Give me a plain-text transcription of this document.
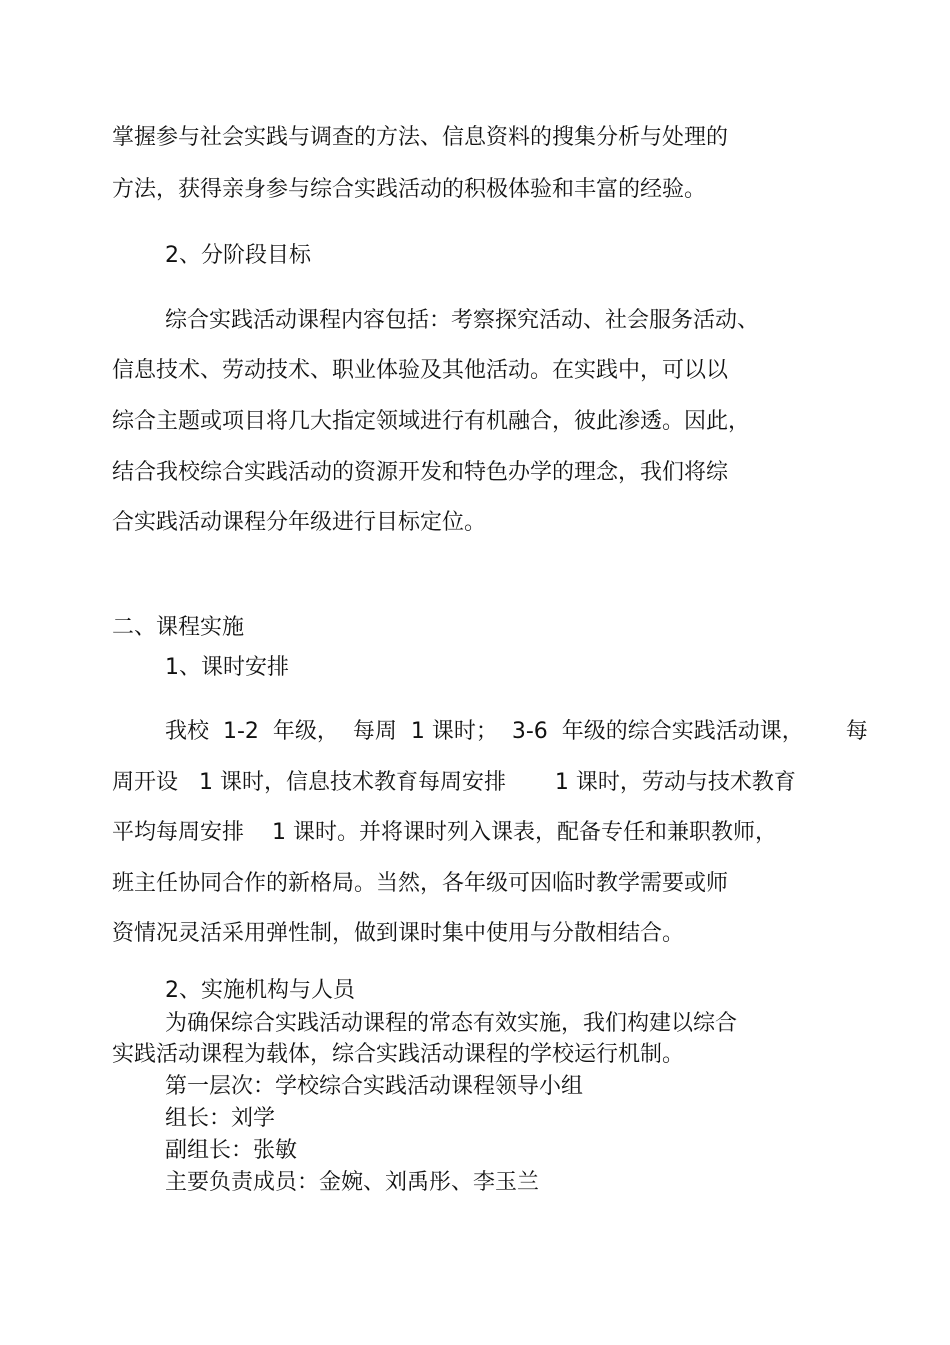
掌握参与社会实践与调查的方法、信息资料的搜集分析与处理的

方法，获得亲身参与综合实践活动的积极体验和丰富的经验。

2、分阶段目标

综合实践活动课程内容包括：考察探究活动、社会服务活动、

信息技术、劳动技术、职业体验及其他活动。在实践中，可以以

综合主题或项目将几大指定领域进行有机融合，彼此渗透。因此，

结合我校综合实践活动的资源开发和特色办学的理念，我们将综

合实践活动课程分年级进行目标定位。

二、课程实施

1、课时安排

我校  1-2  年级，  每周  1 课时；  3-6  年级的综合实践活动课，      每

周开设   1 课时，信息技术教育每周安排       1 课时，劳动与技术教育

平均每周安排    1 课时。并将课时列入课表，配备专任和兼职教师，

班主任协同合作的新格局。当然，各年级可因临时教学需要或师

资情况灵活采用弹性制，做到课时集中使用与分散相结合。

2、实施机构与人员

为确保综合实践活动课程的常态有效实施，我们构建以综合

实践活动课程为载体，综合实践活动课程的学校运行机制。

第一层次：学校综合实践活动课程领导小组

组长：刘学

副组长：张敏

主要负责成员：金婉、刘禹彤、李玉兰
